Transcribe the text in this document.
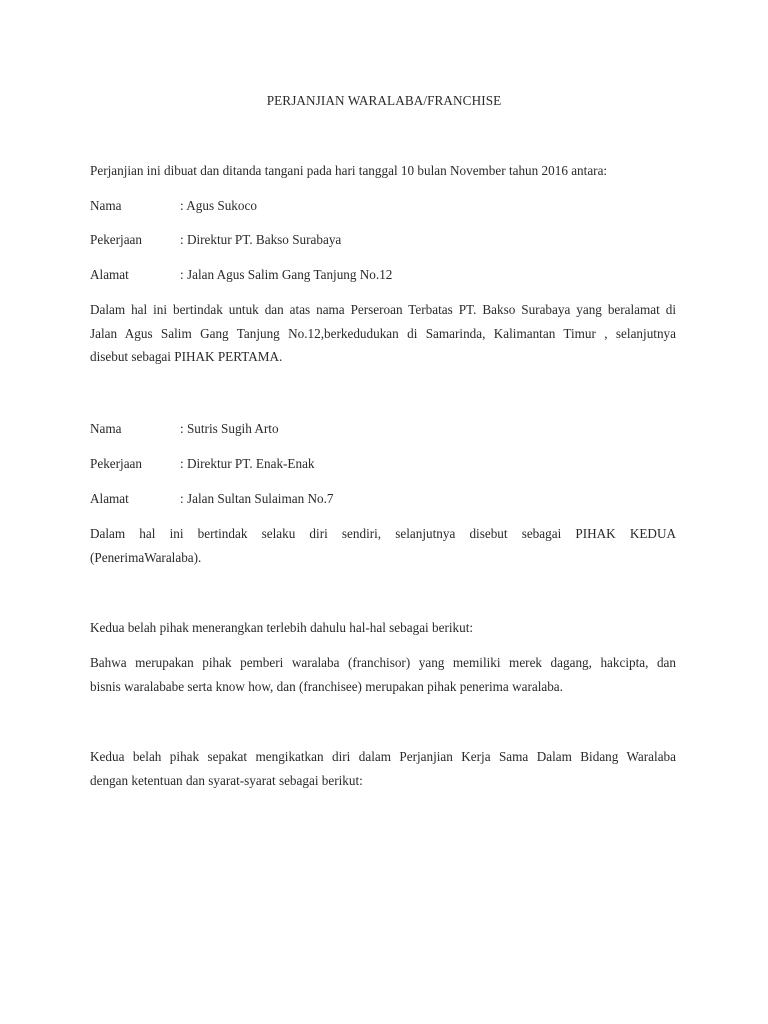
PERJANJIAN WARALABA/FRANCHISE
Perjanjian ini dibuat dan ditanda tangani pada hari tanggal 10 bulan November tahun 2016 antara:
Nama	: Agus Sukoco
Pekerjaan	: Direktur PT. Bakso Surabaya
Alamat	: Jalan Agus Salim Gang Tanjung No.12
Dalam hal ini bertindak untuk dan atas nama Perseroan Terbatas PT. Bakso Surabaya yang beralamat di
Jalan Agus Salim Gang Tanjung No.12,berkedudukan di Samarinda, Kalimantan Timur , selanjutnya
disebut sebagai PIHAK PERTAMA.
Nama	: Sutris Sugih Arto
Pekerjaan	: Direktur PT. Enak-Enak
Alamat	: Jalan Sultan Sulaiman No.7
Dalam hal ini bertindak selaku diri sendiri, selanjutnya disebut sebagai PIHAK KEDUA
(PenerimaWaralaba).
Kedua belah pihak menerangkan terlebih dahulu hal-hal sebagai berikut:
Bahwa merupakan pihak pemberi waralaba (franchisor) yang memiliki merek dagang, hakcipta, dan
bisnis waralababe serta know how, dan (franchisee) merupakan pihak penerima waralaba.
Kedua belah pihak sepakat mengikatkan diri dalam Perjanjian Kerja Sama Dalam Bidang Waralaba
dengan ketentuan dan syarat-syarat sebagai berikut:
